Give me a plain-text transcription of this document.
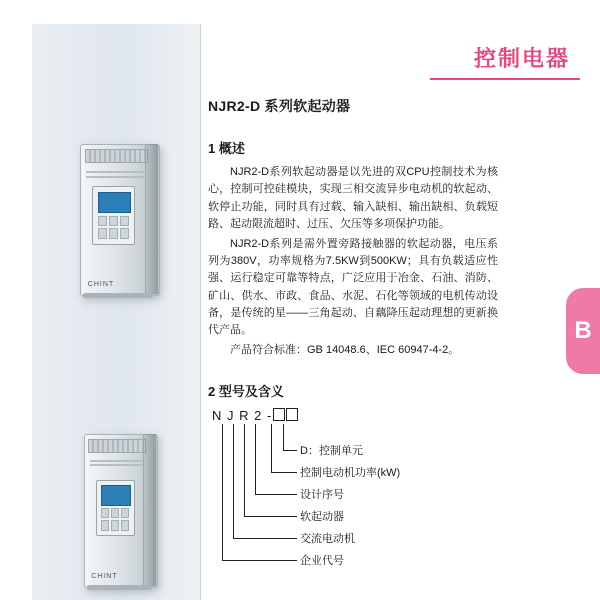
控制电器
B
CHINT
CHINT
NJR2-D 系列软起动器
1 概述

NJR2-D系列软起动器是以先进的双CPU控制技术为核心，控制可控硅模块，实现三相交流异步电动机的软起动、软停止功能，同时具有过载、输入缺相、输出缺相、负载短路、起动限流超时、过压、欠压等多项保护功能。

NJR2-D系列是需外置旁路接触器的软起动器，电压系列为380V，功率规格为7.5KW到500KW；具有负载适应性强、运行稳定可靠等特点，广泛应用于冶金、石油、消防、矿山、供水、市政、食品、水泥、石化等领域的电机传动设备，是传统的星——三角起动、自藕降压起动理想的更新换代产品。

产品符合标准：GB 14048.6、IEC 60947-4-2。

2 型号及含义
N J R 2 -
D：控制单元
控制电动机功率(kW)
设计序号
软起动器
交流电动机
企业代号
